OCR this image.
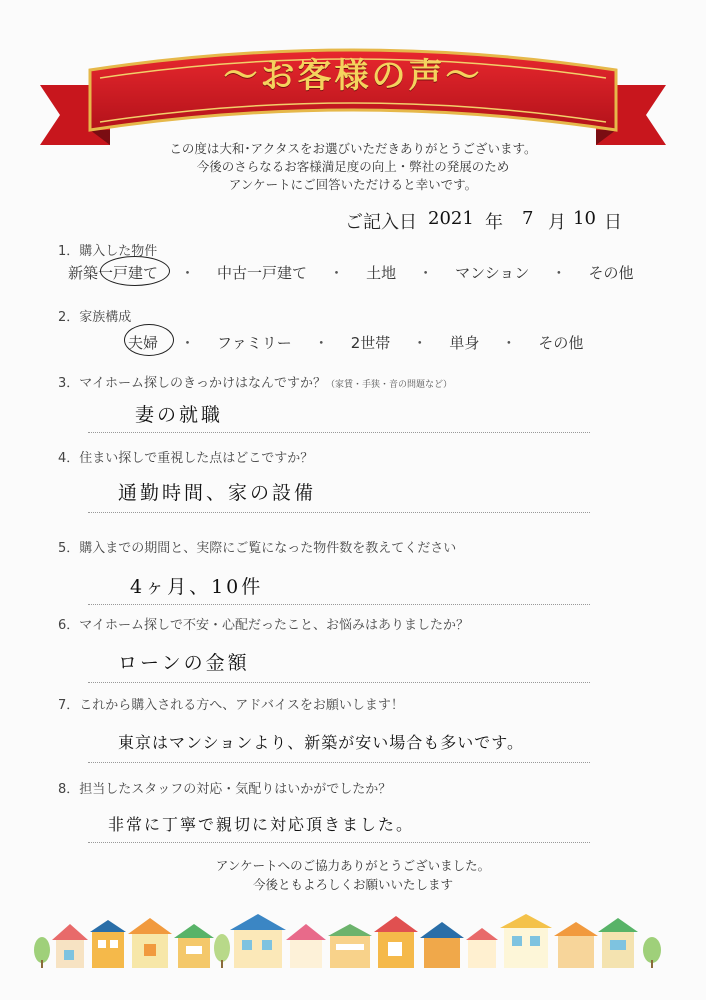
〜お客様の声〜
この度は大和･アクタスをお選びいただきありがとうございます。
今後のさらなるお客様満足度の向上・弊社の発展のため
アンケートにご回答いただけると幸いです。
ご記入日 2021 年 7 月 10 日
1．購入した物件
新築一戸建て ・ 中古一戸建て ・ 土地 ・ マンション ・ その他
2．家族構成
夫婦 ・ ファミリー ・ 2世帯 ・ 単身 ・ その他
3．マイホーム探しのきっかけはなんですか？（家賃・手狭・音の問題など）
妻の就職
4．住まい探しで重視した点はどこですか？
通勤時間、家の設備
5．購入までの期間と、実際にご覧になった物件数を教えてください
4ヶ月、10件
6．マイホーム探しで不安・心配だったこと、お悩みはありましたか？
ローンの金額
7．これから購入される方へ、アドバイスをお願いします！
東京はマンションより、新築が安い場合も多いです。
8．担当したスタッフの対応・気配りはいかがでしたか？
非常に丁寧で親切に対応頂きました。
アンケートへのご協力ありがとうございました。
今後ともよろしくお願いいたします
